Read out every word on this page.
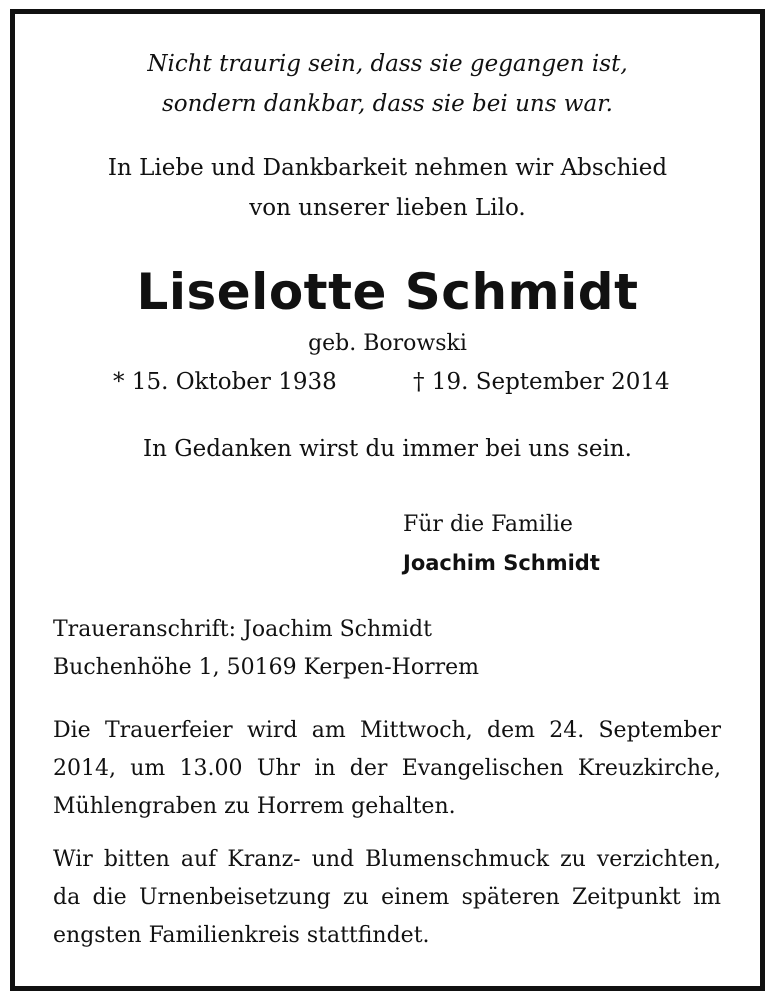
Nicht traurig sein, dass sie gegangen ist,
sondern dankbar, dass sie bei uns war.
In Liebe und Dankbarkeit nehmen wir Abschied
von unserer lieben Lilo.
Liselotte Schmidt
geb. Borowski
* 15. Oktober 1938	† 19. September 2014
In Gedanken wirst du immer bei uns sein.
Für die Familie
Joachim Schmidt
Traueranschrift: Joachim Schmidt
Buchenhöhe 1, 50169 Kerpen-Horrem
Die Trauerfeier wird am Mittwoch, dem 24. September 2014, um 13.00 Uhr in der Evangelischen Kreuzkirche, Mühlengraben zu Horrem gehalten.
Wir bitten auf Kranz- und Blumenschmuck zu verzichten, da die Urnenbeisetzung zu einem späteren Zeitpunkt im engsten Familienkreis stattfindet.
